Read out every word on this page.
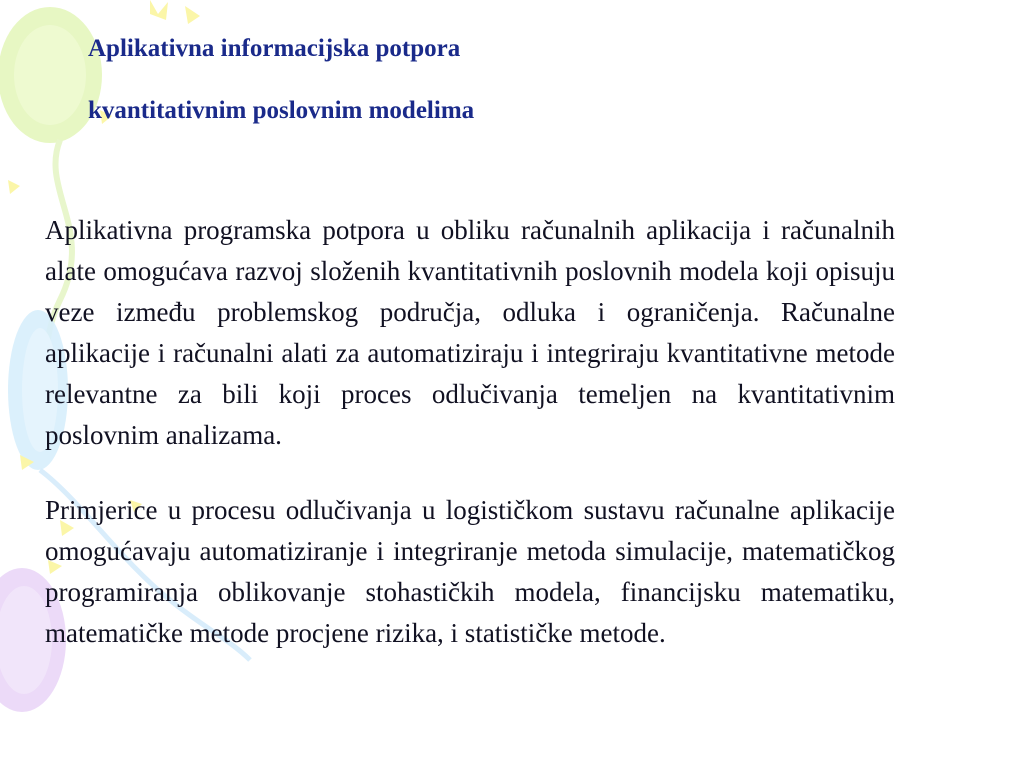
Aplikativna informacijska potpora
kvantitativnim poslovnim modelima

Aplikativna programska potpora u obliku računalnih aplikacija i računalnih alate omogućava razvoj složenih kvantitativnih poslovnih modela koji opisuju veze između problemskog područja, odluka i ograničenja. Računalne aplikacije i računalni alati za automatiziraju i integriraju kvantitativne metode relevantne za bili koji proces odlučivanja temeljen na kvantitativnim poslovnim analizama.

Primjerice u procesu odlučivanja u logističkom sustavu računalne aplikacije omogućavaju automatiziranje i integriranje metoda simulacije, matematičkog programiranja oblikovanje stohastičkih modela, financijsku matematiku, matematičke metode procjene rizika, i statističke metode.
